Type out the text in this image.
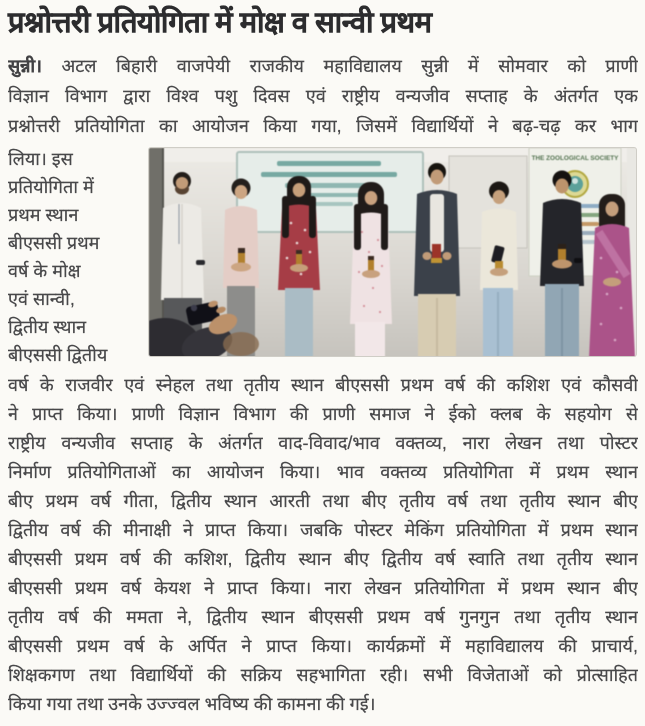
प्रश्नोत्तरी प्रतियोगिता में मोक्ष व सान्वी प्रथम
सुन्नी। अटल बिहारी वाजपेयी राजकीय महाविद्यालय सुन्नी में सोमवार को प्राणी
विज्ञान विभाग द्वारा विश्व पशु दिवस एवं राष्ट्रीय वन्यजीव सप्ताह के अंतर्गत एक
प्रश्नोत्तरी प्रतियोगिता का आयोजन किया गया, जिसमें विद्यार्थियों ने बढ़-चढ़ कर भाग
लिया। इस
प्रतियोगिता में
प्रथम स्थान
बीएससी प्रथम
वर्ष के मोक्ष
एवं सान्वी,
द्वितीय स्थान
बीएससी द्वितीय
THE ZOOLOGICAL SOCIETY
वर्ष के राजवीर एवं स्नेहल तथा तृतीय स्थान बीएससी प्रथम वर्ष की कशिश एवं कौसवी
ने प्राप्त किया। प्राणी विज्ञान विभाग की प्राणी समाज ने ईको क्लब के सहयोग से
राष्ट्रीय वन्यजीव सप्ताह के अंतर्गत वाद-विवाद/भाव वक्तव्य, नारा लेखन तथा पोस्टर
निर्माण प्रतियोगिताओं का आयोजन किया। भाव वक्तव्य प्रतियोगिता में प्रथम स्थान
बीए प्रथम वर्ष गीता, द्वितीय स्थान आरती तथा बीए तृतीय वर्ष तथा तृतीय स्थान बीए
द्वितीय वर्ष की मीनाक्षी ने प्राप्त किया। जबकि पोस्टर मेकिंग प्रतियोगिता में प्रथम स्थान
बीएससी प्रथम वर्ष की कशिश, द्वितीय स्थान बीए द्वितीय वर्ष स्वाति तथा तृतीय स्थान
बीएससी प्रथम वर्ष केयश ने प्राप्त किया। नारा लेखन प्रतियोगिता में प्रथम स्थान बीए
तृतीय वर्ष की ममता ने, द्वितीय स्थान बीएससी प्रथम वर्ष गुनगुन तथा तृतीय स्थान
बीएससी प्रथम वर्ष के अर्पित ने प्राप्त किया। कार्यक्रमों में महाविद्यालय की प्राचार्य,
शिक्षकगण तथा विद्यार्थियों की सक्रिय सहभागिता रही। सभी विजेताओं को प्रोत्साहित
किया गया तथा उनके उज्ज्वल भविष्य की कामना की गई।
